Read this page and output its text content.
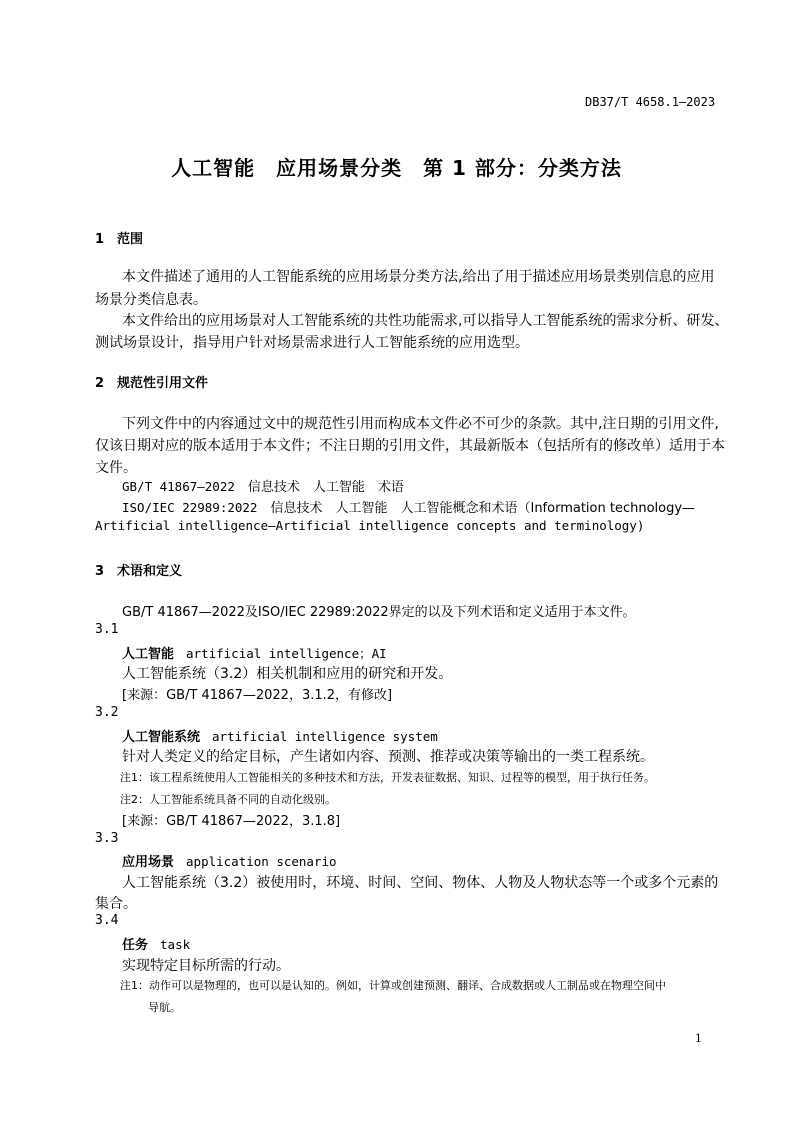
DB37/T 4658.1—2023
人工智能　应用场景分类　第 1 部分：分类方法
1 范围
本文件描述了通用的人工智能系统的应用场景分类方法,给出了用于描述应用场景类别信息的应用
场景分类信息表。
本文件给出的应用场景对人工智能系统的共性功能需求,可以指导人工智能系统的需求分析、研发、
测试场景设计，指导用户针对场景需求进行人工智能系统的应用选型。
2 规范性引用文件
下列文件中的内容通过文中的规范性引用而构成本文件必不可少的条款。其中,注日期的引用文件,
仅该日期对应的版本适用于本文件；不注日期的引用文件，其最新版本（包括所有的修改单）适用于本
文件。
GB/T 41867—2022　 信息技术　人工智能　术语
ISO/IEC 22989:2022　 信息技术　人工智能　人工智能概念和术语（Information technology—
Artificial intelligence—Artificial intelligence concepts and terminology)
3 术语和定义
GB/T 41867—2022及ISO/IEC 22989:2022界定的以及下列术语和定义适用于本文件。
3.1
人工智能 artificial intelligence；AI
人工智能系统（3.2）相关机制和应用的研究和开发。
[来源：GB/T 41867—2022，3.1.2，有修改]
3.2
人工智能系统 artificial intelligence system
针对人类定义的给定目标，产生诸如内容、预测、推荐或决策等输出的一类工程系统。
注1：该工程系统使用人工智能相关的多种技术和方法，开发表征数据、知识、过程等的模型，用于执行任务。
注2：人工智能系统具备不同的自动化级别。
[来源：GB/T 41867—2022，3.1.8]
3.3
应用场景 application scenario
人工智能系统（3.2）被使用时，环境、时间、空间、物体、人物及人物状态等一个或多个元素的
集合。
3.4
任务 task
实现特定目标所需的行动。
注1：动作可以是物理的，也可以是认知的。例如，计算或创建预测、翻译、合成数据或人工制品或在物理空间中
导航。
1
